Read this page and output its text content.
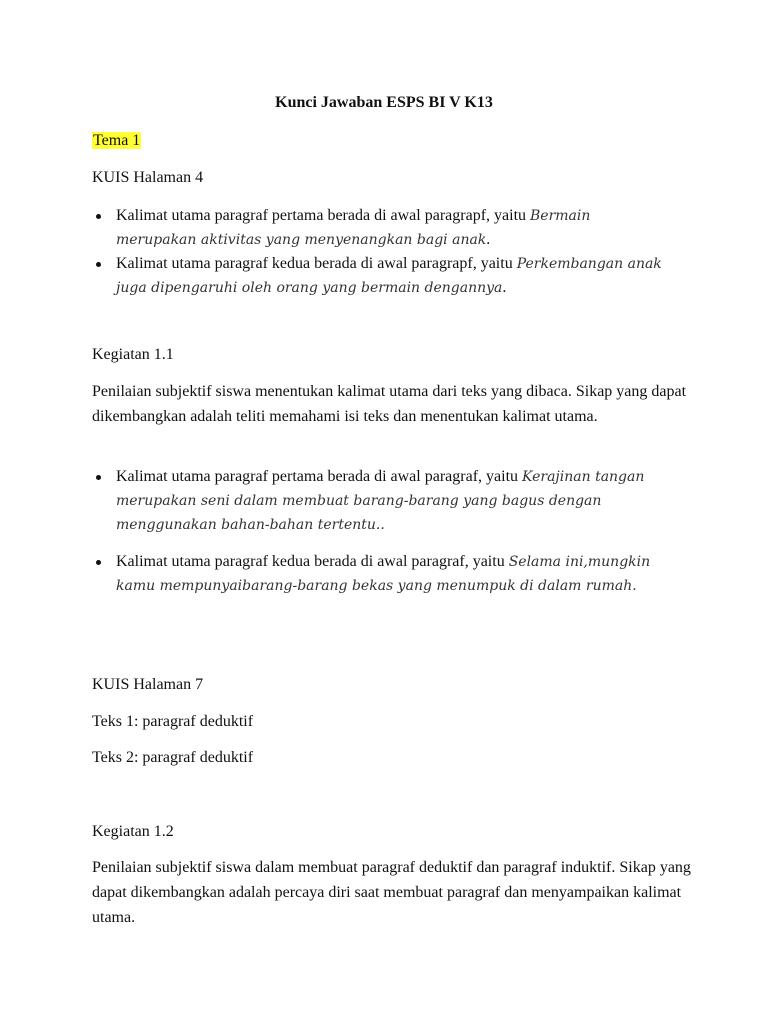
Kunci Jawaban ESPS BI V K13
Tema 1
KUIS Halaman 4
Kalimat utama paragraf pertama berada di awal paragrapf, yaitu Bermain merupakan aktivitas yang menyenangkan bagi anak.
Kalimat utama paragraf kedua berada di awal paragrapf, yaitu Perkembangan anak juga dipengaruhi oleh orang yang bermain dengannya.
Kegiatan 1.1
Penilaian subjektif siswa menentukan kalimat utama dari teks yang dibaca. Sikap yang dapat dikembangkan adalah teliti memahami isi teks dan menentukan kalimat utama.
Kalimat utama paragraf pertama berada di awal paragraf, yaitu Kerajinan tangan merupakan seni dalam membuat barang-barang yang bagus dengan menggunakan bahan-bahan tertentu..
Kalimat utama paragraf kedua berada di awal paragraf, yaitu Selama ini,mungkin kamu mempunyaibarang-barang bekas yang menumpuk di dalam rumah.
KUIS Halaman 7
Teks 1: paragraf deduktif
Teks 2: paragraf deduktif
Kegiatan 1.2
Penilaian subjektif siswa dalam membuat paragraf deduktif dan paragraf induktif. Sikap yang dapat dikembangkan adalah percaya diri saat membuat paragraf dan menyampaikan kalimat utama.
